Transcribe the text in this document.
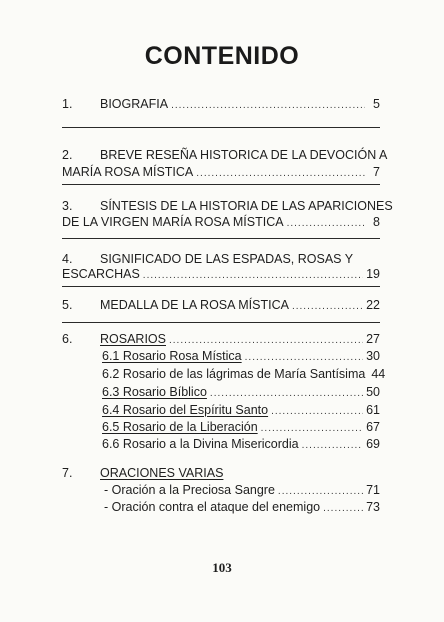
CONTENIDO
1.	BIOGRAFIA .....	5
2.	BREVE RESEÑA HISTORICA DE LA DEVOCIÓN A
MARÍA ROSA MÍSTICA .....	7
3.	SÍNTESIS DE LA HISTORIA DE LAS APARICIONES
DE LA VIRGEN MARÍA ROSA MÍSTICA .....	8
4.	SIGNIFICADO DE LAS ESPADAS, ROSAS Y
ESCARCHAS .....	19
5.	MEDALLA DE LA ROSA MÍSTICA .....	22
6.	ROSARIOS .....	27
6.1 Rosario Rosa Mística .....	30
6.2 Rosario de las lágrimas de María Santísima 44
6.3 Rosario Bíblico .....	50
6.4 Rosario del Espíritu Santo .....	61
6.5 Rosario de la Liberación .....	67
6.6 Rosario a la Divina Misericordia .....	69
7.	ORACIONES VARIAS
- Oración a la Preciosa Sangre .....	71
- Oración contra el ataque del enemigo .....	73
103
